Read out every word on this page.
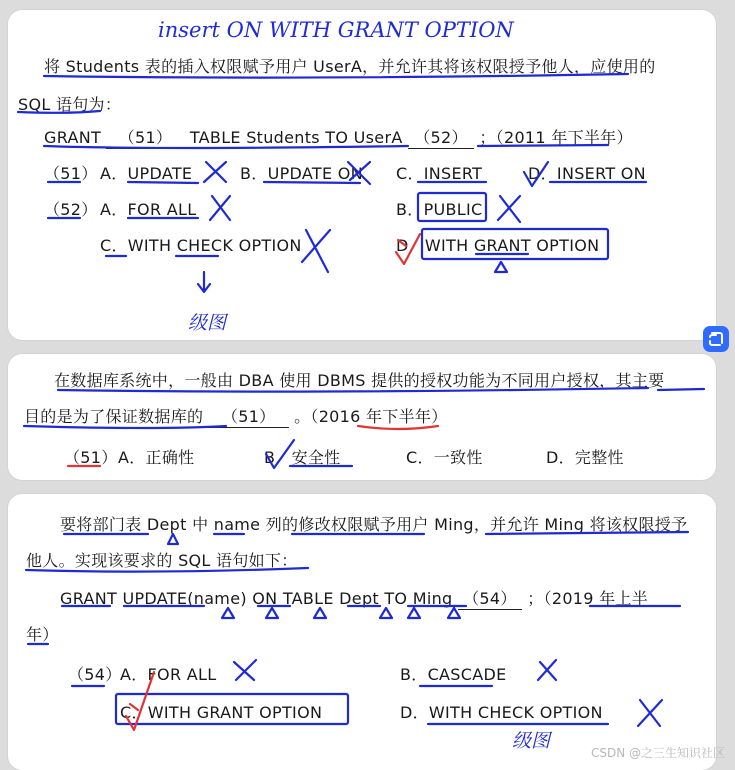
insert ON WITH GRANT OPTION
将 Students 表的插入权限赋予用户 UserA，并允许其将该权限授予他人，应使用的
SQL 语句为：
GRANT （51） TABLE Students TO UserA （52） ；（2011 年下半年）
（51） A．UPDATE	B．UPDATE ON C．INSERT	D．INSERT ON
（52） A．FOR ALL	B．PUBLIC
C．WITH CHECK OPTION	D．WITH GRANT OPTION
级图
在数据库系统中，一般由 DBA 使用 DBMS 提供的授权功能为不同用户授权，其主要
目的是为了保证数据库的 （51） 。（2016 年下半年）
（51） A．正确性	B．安全性	C．一致性	D．完整性
要将部门表 Dept 中 name 列的修改权限赋予用户 Ming，并允许 Ming 将该权限授予
他人。实现该要求的 SQL 语句如下：
GRANT UPDATE(name) ON TABLE Dept TO Ming （54） ；（2019 年上半
年）
（54）
A．FOR ALL	B．CASCADE
C．WITH GRANT OPTION	D．WITH CHECK OPTION
级图
CSDN @之三生知识社区
